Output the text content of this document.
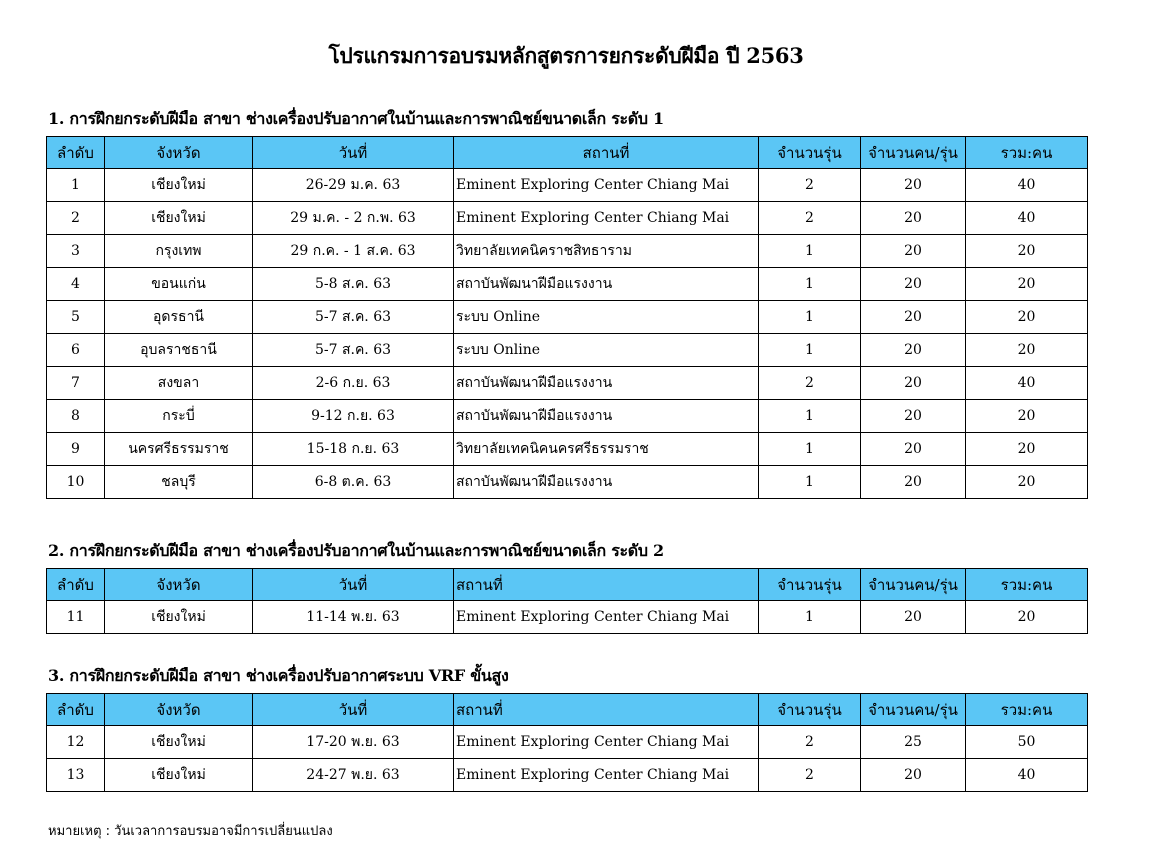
โปรแกรมการอบรมหลักสูตรการยกระดับฝีมือ ปี 2563
1. การฝึกยกระดับฝีมือ สาขา ช่างเครื่องปรับอากาศในบ้านและการพาณิชย์ขนาดเล็ก ระดับ 1
ลำดับ	จังหวัด	วันที่	สถานที่	จำนวนรุ่น	จำนวนคน/รุ่น	รวม:คน
1	เชียงใหม่	26-29 ม.ค. 63	Eminent Exploring Center Chiang Mai	2	20	40
2	เชียงใหม่	29 ม.ค. - 2 ก.พ. 63	Eminent Exploring Center Chiang Mai	2	20	40
3	กรุงเทพ	29 ก.ค. - 1 ส.ค. 63	วิทยาลัยเทคนิคราชสิทธาราม	1	20	20
4	ขอนแก่น	5-8 ส.ค. 63	สถาบันพัฒนาฝีมือแรงงาน	1	20	20
5	อุดรธานี	5-7 ส.ค. 63	ระบบ Online	1	20	20
6	อุบลราชธานี	5-7 ส.ค. 63	ระบบ Online	1	20	20
7	สงขลา	2-6 ก.ย. 63	สถาบันพัฒนาฝีมือแรงงาน	2	20	40
8	กระบี่	9-12 ก.ย. 63	สถาบันพัฒนาฝีมือแรงงาน	1	20	20
9	นครศรีธรรมราช	15-18 ก.ย. 63	วิทยาลัยเทคนิคนครศรีธรรมราช	1	20	20
10	ชลบุรี	6-8 ต.ค. 63	สถาบันพัฒนาฝีมือแรงงาน	1	20	20
2. การฝึกยกระดับฝีมือ สาขา ช่างเครื่องปรับอากาศในบ้านและการพาณิชย์ขนาดเล็ก ระดับ 2
ลำดับ	จังหวัด	วันที่	สถานที่	จำนวนรุ่น	จำนวนคน/รุ่น	รวม:คน
11	เชียงใหม่	11-14 พ.ย. 63	Eminent Exploring Center Chiang Mai	1	20	20
3. การฝึกยกระดับฝีมือ สาขา ช่างเครื่องปรับอากาศระบบ VRF ขั้นสูง
ลำดับ	จังหวัด	วันที่	สถานที่	จำนวนรุ่น	จำนวนคน/รุ่น	รวม:คน
12	เชียงใหม่	17-20 พ.ย. 63	Eminent Exploring Center Chiang Mai	2	25	50
13	เชียงใหม่	24-27 พ.ย. 63	Eminent Exploring Center Chiang Mai	2	20	40
หมายเหตุ : วันเวลาการอบรมอาจมีการเปลี่ยนแปลง
